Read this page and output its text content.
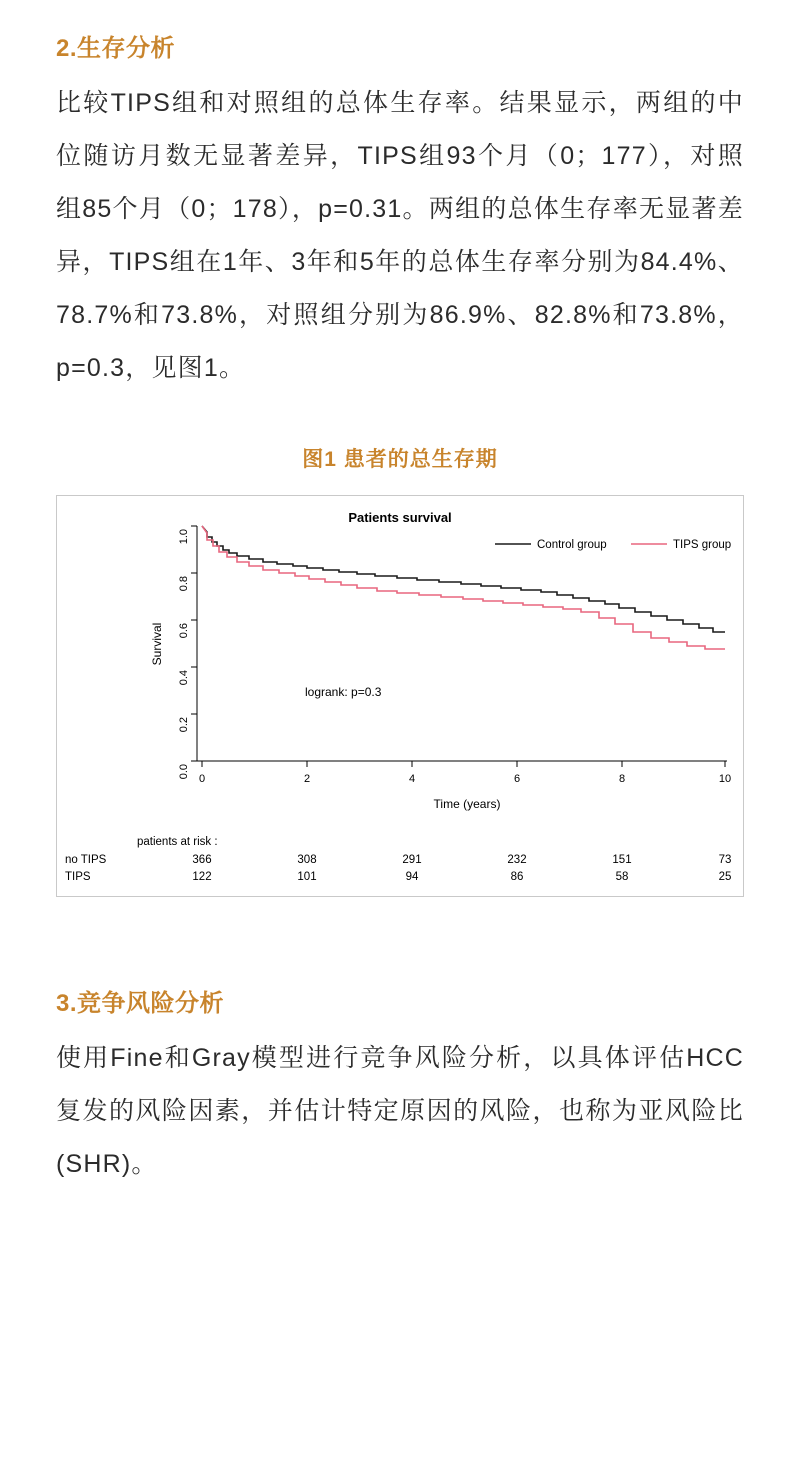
2.生存分析

比较TIPS组和对照组的总体生存率。结果显示，两组的中位随访月数无显著差异，TIPS组93个月（0；177），对照组85个月（0；178），p=0.31。两组的总体生存率无显著差异，TIPS组在1年、3年和5年的总体生存率分别为84.4%、78.7%和73.8%，对照组分别为86.9%、82.8%和73.8%，p=0.3，见图1。

图1 患者的总生存期
Patients survival
0.0
0.2
0.4
0.6
0.8
1.0
Survival
0	2	4	6	8	10
Time (years)
Control group	TIPS group
logrank: p=0.3
patients at risk :
no TIPS	366	308	291	232	151	73
TIPS	122	101	94	86	58	25
3.竞争风险分析

使用Fine和Gray模型进行竞争风险分析，以具体评估HCC复发的风险因素，并估计特定原因的风险，也称为亚风险比(SHR)。
